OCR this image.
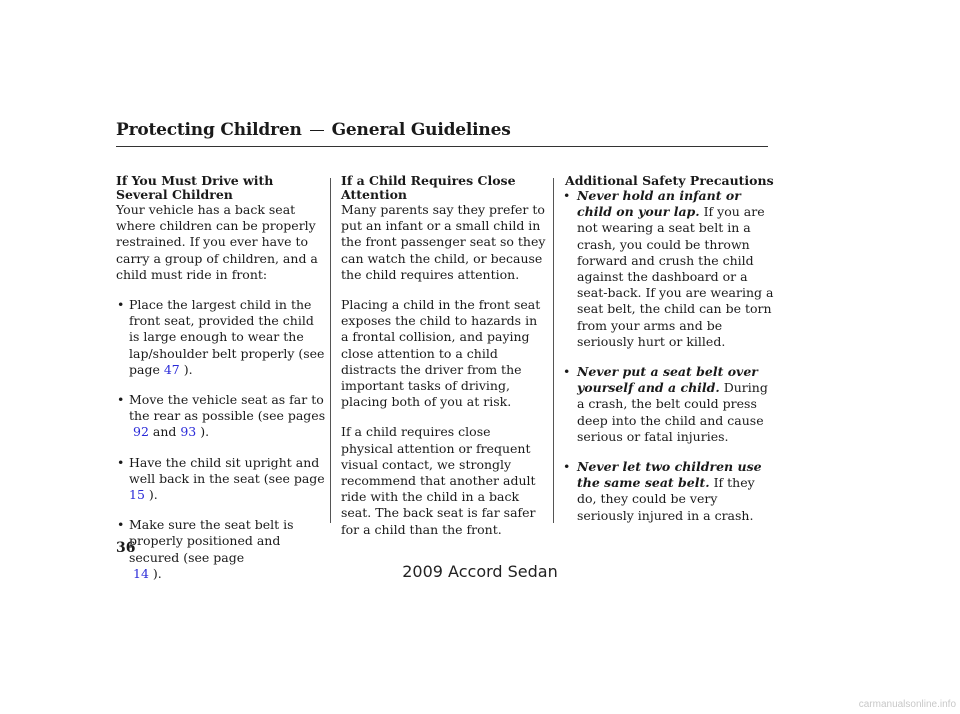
Protecting Children General Guidelines
If You Must Drive with Several Children

Your vehicle has a back seat where children can be properly restrained. If you ever have to carry a group of children, and a child must ride in front:

• Place the largest child in the front seat, provided the child is large enough to wear the lap/shoulder belt properly (see page 47 ).
• Move the vehicle seat as far to the rear as possible (see pages
92 and 93 ).
• Have the child sit upright and well back in the seat (see page 15 ).
• Make sure the seat belt is properly positioned and secured (see page
14 ).
If a Child Requires Close Attention

Many parents say they prefer to put an infant or a small child in the front passenger seat so they can watch the child, or because the child requires attention.

Placing a child in the front seat exposes the child to hazards in a frontal collision, and paying close attention to a child distracts the driver from the important tasks of driving, placing both of you at risk.

If a child requires close physical attention or frequent visual contact, we strongly recommend that another adult ride with the child in a back seat. The back seat is far safer for a child than the front.

Additional Safety Precautions
• Never hold an infant or child on your lap. If you are not wearing a seat belt in a crash, you could be thrown forward and crush the child against the dashboard or a seat-back. If you are wearing a seat belt, the child can be torn from your arms and be seriously hurt or killed.
• Never put a seat belt over yourself and a child. During a crash, the belt could press deep into the child and cause serious or fatal injuries.
• Never let two children use the same seat belt. If they do, they could be very seriously injured in a crash.
36
2009 Accord Sedan
carmanualsonline.info
